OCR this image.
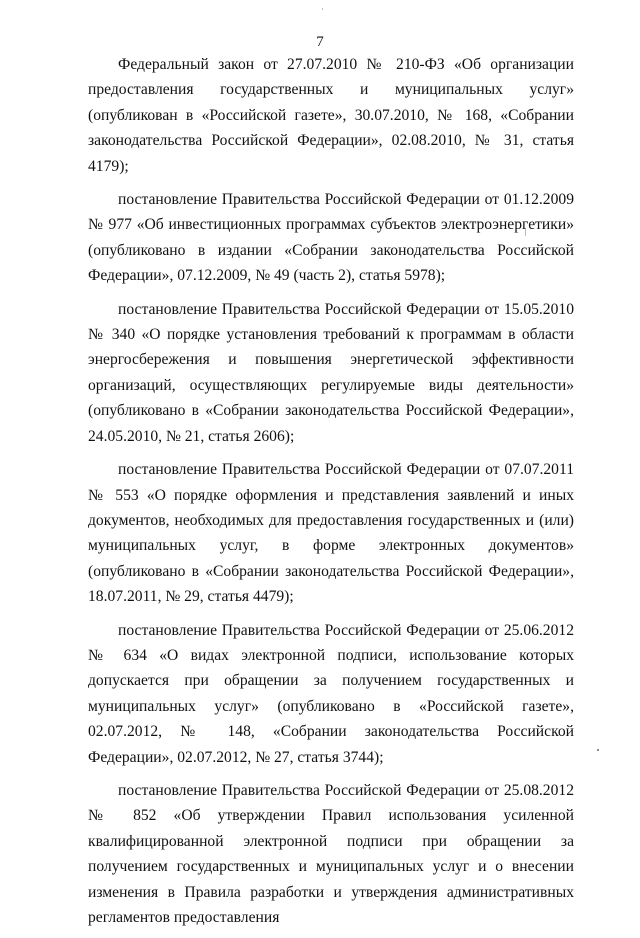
7

Федеральный закон от 27.07.2010 № 210-ФЗ «Об организации предоставления государственных и муниципальных услуг» (опубликован в «Российской газете», 30.07.2010, № 168, «Собрании законодательства Российской Федерации», 02.08.2010, № 31, статья 4179);

постановление Правительства Российской Федерации от 01.12.2009 № 977 «Об инвестиционных программах субъектов электроэнергетики» (опубликовано в издании «Собрании законодательства Российской Федерации», 07.12.2009, № 49 (часть 2), статья 5978);

постановление Правительства Российской Федерации от 15.05.2010 № 340 «О порядке установления требований к программам в области энергосбережения и повышения энергетической эффективности организаций, осуществляющих регулируемые виды деятельности» (опубликовано в «Собрании законодательства Российской Федерации», 24.05.2010, № 21, статья 2606);

постановление Правительства Российской Федерации от 07.07.2011 № 553 «О порядке оформления и представления заявлений и иных документов, необходимых для предоставления государственных и (или) муниципальных услуг, в форме электронных документов» (опубликовано в «Собрании законодательства Российской Федерации», 18.07.2011, № 29, статья 4479);

постановление Правительства Российской Федерации от 25.06.2012 № 634 «О видах электронной подписи, использование которых допускается при обращении за получением государственных и муниципальных услуг» (опубликовано в «Российской газете», 02.07.2012, № 148, «Собрании законодательства Российской Федерации», 02.07.2012, № 27, статья 3744);

постановление Правительства Российской Федерации от 25.08.2012 № 852 «Об утверждении Правил использования усиленной квалифицированной электронной подписи при обращении за получением государственных и муниципальных услуг и о внесении изменения в Правила разработки и утверждения административных регламентов предоставления
